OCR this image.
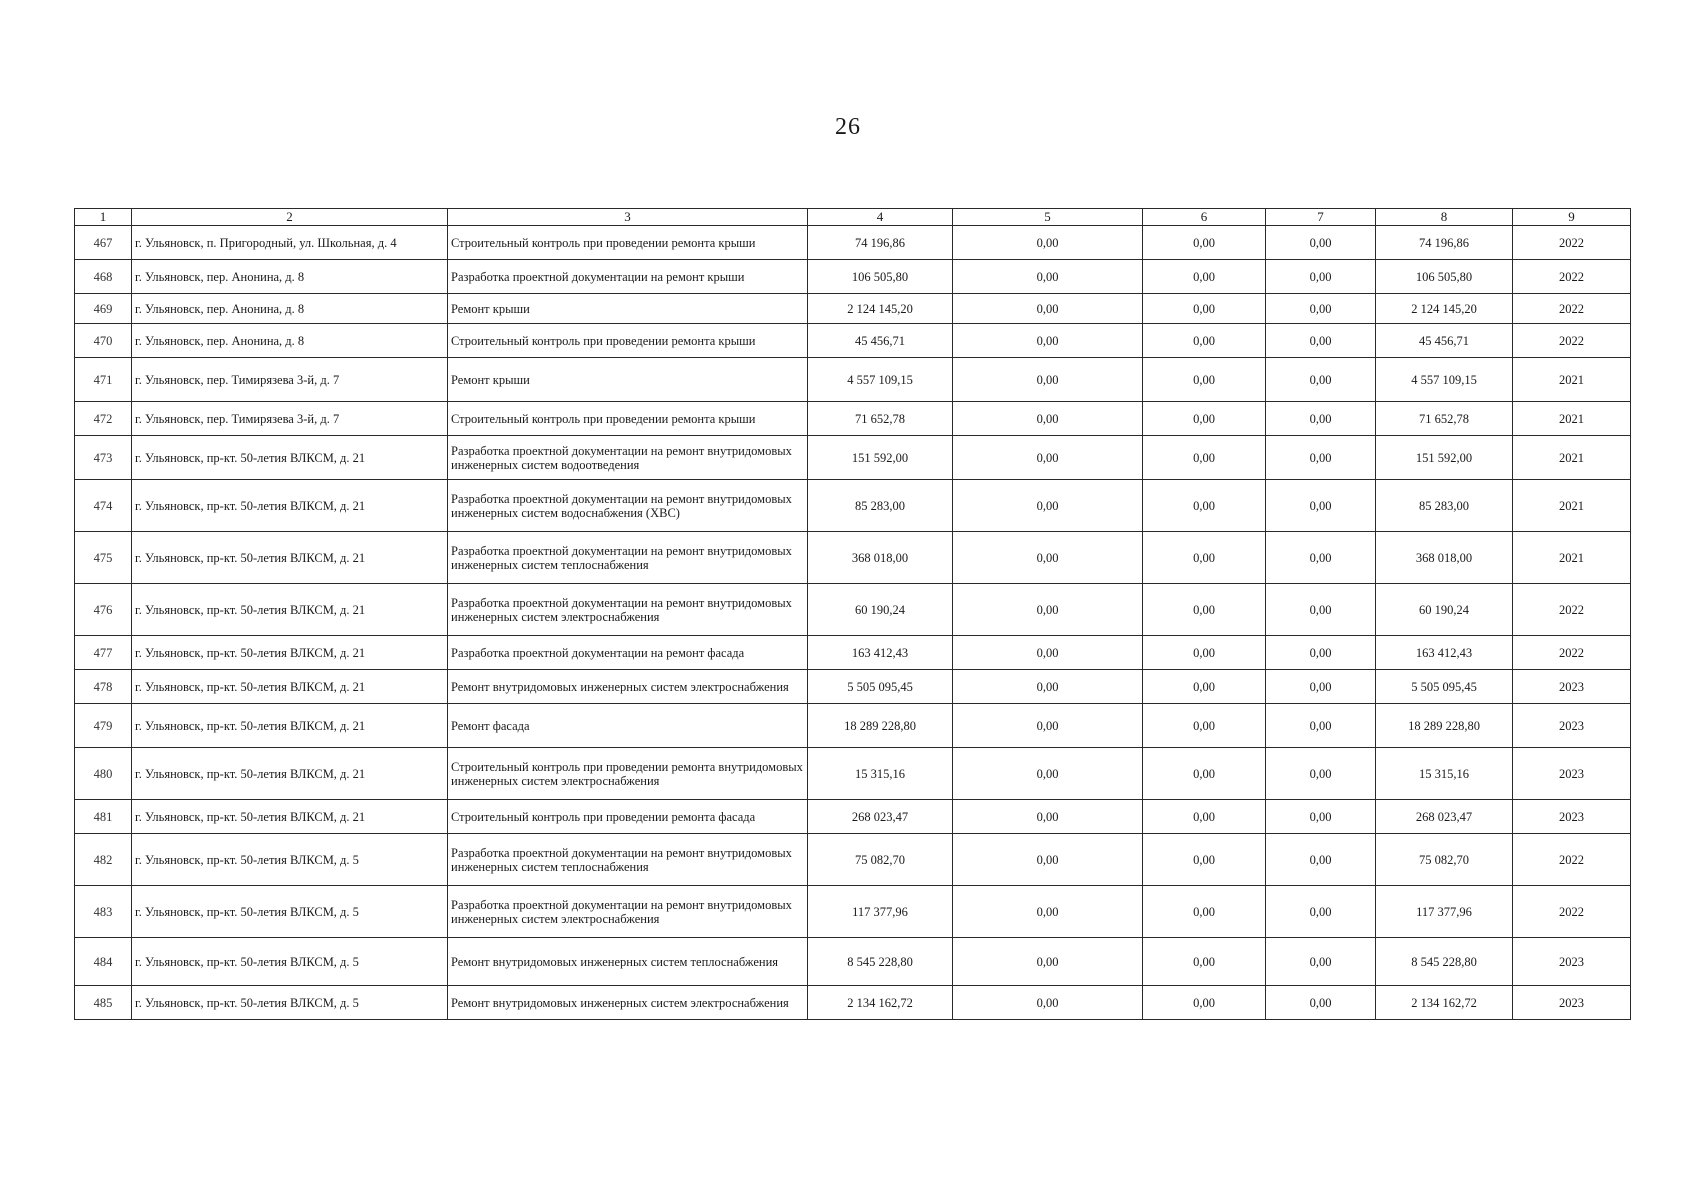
26
1	2	3	4	5	6	7	8	9
467	г. Ульяновск, п. Пригородный, ул. Школьная, д. 4	Строительный контроль при проведении ремонта крыши	74 196,86	0,00	0,00	0,00	74 196,86	2022
468	г. Ульяновск, пер. Анонина, д. 8	Разработка проектной документации на ремонт крыши	106 505,80	0,00	0,00	0,00	106 505,80	2022
469	г. Ульяновск, пер. Анонина, д. 8	Ремонт крыши	2 124 145,20	0,00	0,00	0,00	2 124 145,20	2022
470	г. Ульяновск, пер. Анонина, д. 8	Строительный контроль при проведении ремонта крыши	45 456,71	0,00	0,00	0,00	45 456,71	2022
471	г. Ульяновск, пер. Тимирязева 3-й, д. 7	Ремонт крыши	4 557 109,15	0,00	0,00	0,00	4 557 109,15	2021
472	г. Ульяновск, пер. Тимирязева 3-й, д. 7	Строительный контроль при проведении ремонта крыши	71 652,78	0,00	0,00	0,00	71 652,78	2021
473	г. Ульяновск, пр-кт. 50-летия ВЛКСМ, д. 21	Разработка проектной документации на ремонт внутридомовых инженерных систем водоотведения	151 592,00	0,00	0,00	0,00	151 592,00	2021
474	г. Ульяновск, пр-кт. 50-летия ВЛКСМ, д. 21	Разработка проектной документации на ремонт внутридомовых инженерных систем водоснабжения (ХВС)	85 283,00	0,00	0,00	0,00	85 283,00	2021
475	г. Ульяновск, пр-кт. 50-летия ВЛКСМ, д. 21	Разработка проектной документации на ремонт внутридомовых инженерных систем теплоснабжения	368 018,00	0,00	0,00	0,00	368 018,00	2021
476	г. Ульяновск, пр-кт. 50-летия ВЛКСМ, д. 21	Разработка проектной документации на ремонт внутридомовых инженерных систем электроснабжения	60 190,24	0,00	0,00	0,00	60 190,24	2022
477	г. Ульяновск, пр-кт. 50-летия ВЛКСМ, д. 21	Разработка проектной документации на ремонт фасада	163 412,43	0,00	0,00	0,00	163 412,43	2022
478	г. Ульяновск, пр-кт. 50-летия ВЛКСМ, д. 21	Ремонт внутридомовых инженерных систем электроснабжения	5 505 095,45	0,00	0,00	0,00	5 505 095,45	2023
479	г. Ульяновск, пр-кт. 50-летия ВЛКСМ, д. 21	Ремонт фасада	18 289 228,80	0,00	0,00	0,00	18 289 228,80	2023
480	г. Ульяновск, пр-кт. 50-летия ВЛКСМ, д. 21	Строительный контроль при проведении ремонта внутридомовых инженерных систем электроснабжения	15 315,16	0,00	0,00	0,00	15 315,16	2023
481	г. Ульяновск, пр-кт. 50-летия ВЛКСМ, д. 21	Строительный контроль при проведении ремонта фасада	268 023,47	0,00	0,00	0,00	268 023,47	2023
482	г. Ульяновск, пр-кт. 50-летия ВЛКСМ, д. 5	Разработка проектной документации на ремонт внутридомовых инженерных систем теплоснабжения	75 082,70	0,00	0,00	0,00	75 082,70	2022
483	г. Ульяновск, пр-кт. 50-летия ВЛКСМ, д. 5	Разработка проектной документации на ремонт внутридомовых инженерных систем электроснабжения	117 377,96	0,00	0,00	0,00	117 377,96	2022
484	г. Ульяновск, пр-кт. 50-летия ВЛКСМ, д. 5	Ремонт внутридомовых инженерных систем теплоснабжения	8 545 228,80	0,00	0,00	0,00	8 545 228,80	2023
485	г. Ульяновск, пр-кт. 50-летия ВЛКСМ, д. 5	Ремонт внутридомовых инженерных систем электроснабжения	2 134 162,72	0,00	0,00	0,00	2 134 162,72	2023
